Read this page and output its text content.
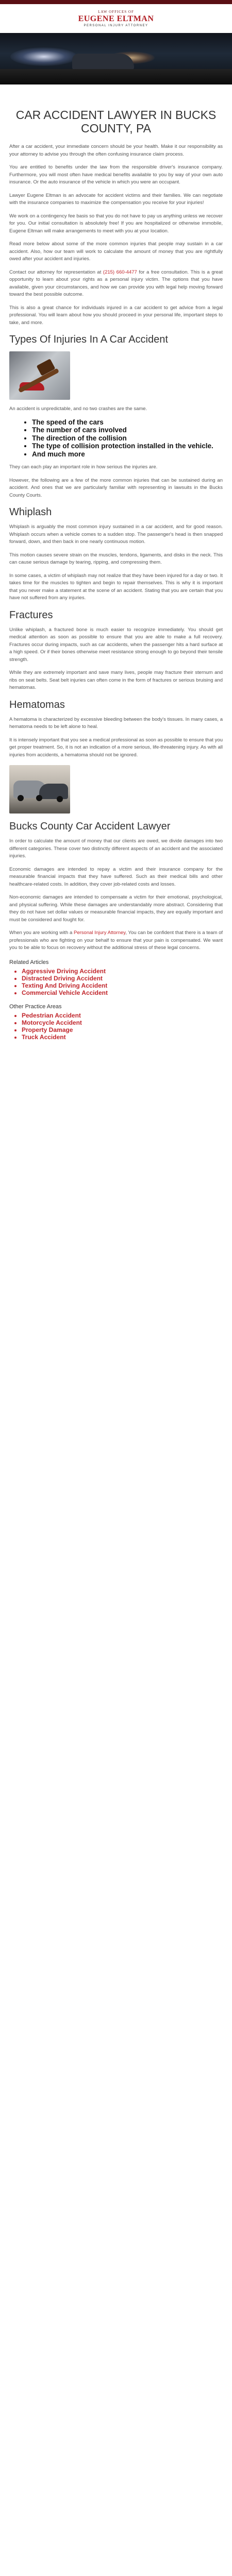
LAW OFFICES OF
EUGENE ELTMAN
PERSONAL INJURY ATTORNEY
CAR ACCIDENT LAWYER IN BUCKS COUNTY, PA

After a car accident, your immediate concern should be your health. Make it our responsibility as your attorney to advise you through the often confusing insurance claim process.

You are entitled to benefits under the law from the responsible driver's insurance company. Furthermore, you will most often have medical benefits available to you by way of your own auto insurance. Or the auto insurance of the vehicle in which you were an occupant.

Lawyer Eugene Eltman is an advocate for accident victims and their families. We can negotiate with the insurance companies to maximize the compensation you receive for your injuries!

We work on a contingency fee basis so that you do not have to pay us anything unless we recover for you. Our initial consultation is absolutely free! If you are hospitalized or otherwise immobile, Eugene Eltman will make arrangements to meet with you at your location.

Read more below about some of the more common injuries that people may sustain in a car accident. Also, how our team will work to calculate the amount of money that you are rightfully owed after your accident and injuries.

Contact our attorney for representation at (215) 660-4477 for a free consultation. This is a great opportunity to learn about your rights as a personal injury victim. The options that you have available, given your circumstances, and how we can provide you with legal help moving forward toward the best possible outcome.

This is also a great chance for individuals injured in a car accident to get advice from a legal professional. You will learn about how you should proceed in your personal life, important steps to take, and more.

Types Of Injuries In A Car Accident

An accident is unpredictable, and no two crashes are the same.

• The speed of the cars
• The number of cars involved
• The direction of the collision
• The type of collision protection installed in the vehicle.
• And much more

They can each play an important role in how serious the injuries are.

However, the following are a few of the more common injuries that can be sustained during an accident. And ones that we are particularly familiar with representing in lawsuits in the Bucks County Courts.

Whiplash

Whiplash is arguably the most common injury sustained in a car accident, and for good reason. Whiplash occurs when a vehicle comes to a sudden stop. The passenger's head is then snapped forward, down, and then back in one nearly continuous motion.

This motion causes severe strain on the muscles, tendons, ligaments, and disks in the neck. This can cause serious damage by tearing, ripping, and compressing them.

In some cases, a victim of whiplash may not realize that they have been injured for a day or two. It takes time for the muscles to tighten and begin to repair themselves. This is why it is important that you never make a statement at the scene of an accident. Stating that you are certain that you have not suffered from any injuries.

Fractures

Unlike whiplash, a fractured bone is much easier to recognize immediately. You should get medical attention as soon as possible to ensure that you are able to make a full recovery. Fractures occur during impacts, such as car accidents, when the passenger hits a hard surface at a high speed. Or if their bones otherwise meet resistance strong enough to go beyond their tensile strength.

While they are extremely important and save many lives, people may fracture their sternum and ribs on seat belts. Seat belt injuries can often come in the form of fractures or serious bruising and hematomas.

Hematomas

A hematoma is characterized by excessive bleeding between the body's tissues. In many cases, a hematoma needs to be left alone to heal.

It is intensely important that you see a medical professional as soon as possible to ensure that you get proper treatment. So, it is not an indication of a more serious, life-threatening injury. As with all injuries from accidents, a hematoma should not be ignored.

Bucks County Car Accident Lawyer

In order to calculate the amount of money that our clients are owed, we divide damages into two different categories. These cover two distinctly different aspects of an accident and the associated injuries.

Economic damages are intended to repay a victim and their insurance company for the measurable financial impacts that they have suffered. Such as their medical bills and other healthcare-related costs. In addition, they cover job-related costs and losses.

Non-economic damages are intended to compensate a victim for their emotional, psychological, and physical suffering. While these damages are understandably more abstract. Considering that they do not have set dollar values or measurable financial impacts, they are equally important and must be considered and fought for.

When you are working with a Personal Injury Attorney, You can be confident that there is a team of professionals who are fighting on your behalf to ensure that your pain is compensated. We want you to be able to focus on recovery without the additional stress of these legal concerns.

Related Articles
• Aggressive Driving Accident
• Distracted Driving Accident
• Texting And Driving Accident
• Commercial Vehicle Accident
Other Practice Areas
• Pedestrian Accident
• Motorcycle Accident
• Property Damage
• Truck Accident
